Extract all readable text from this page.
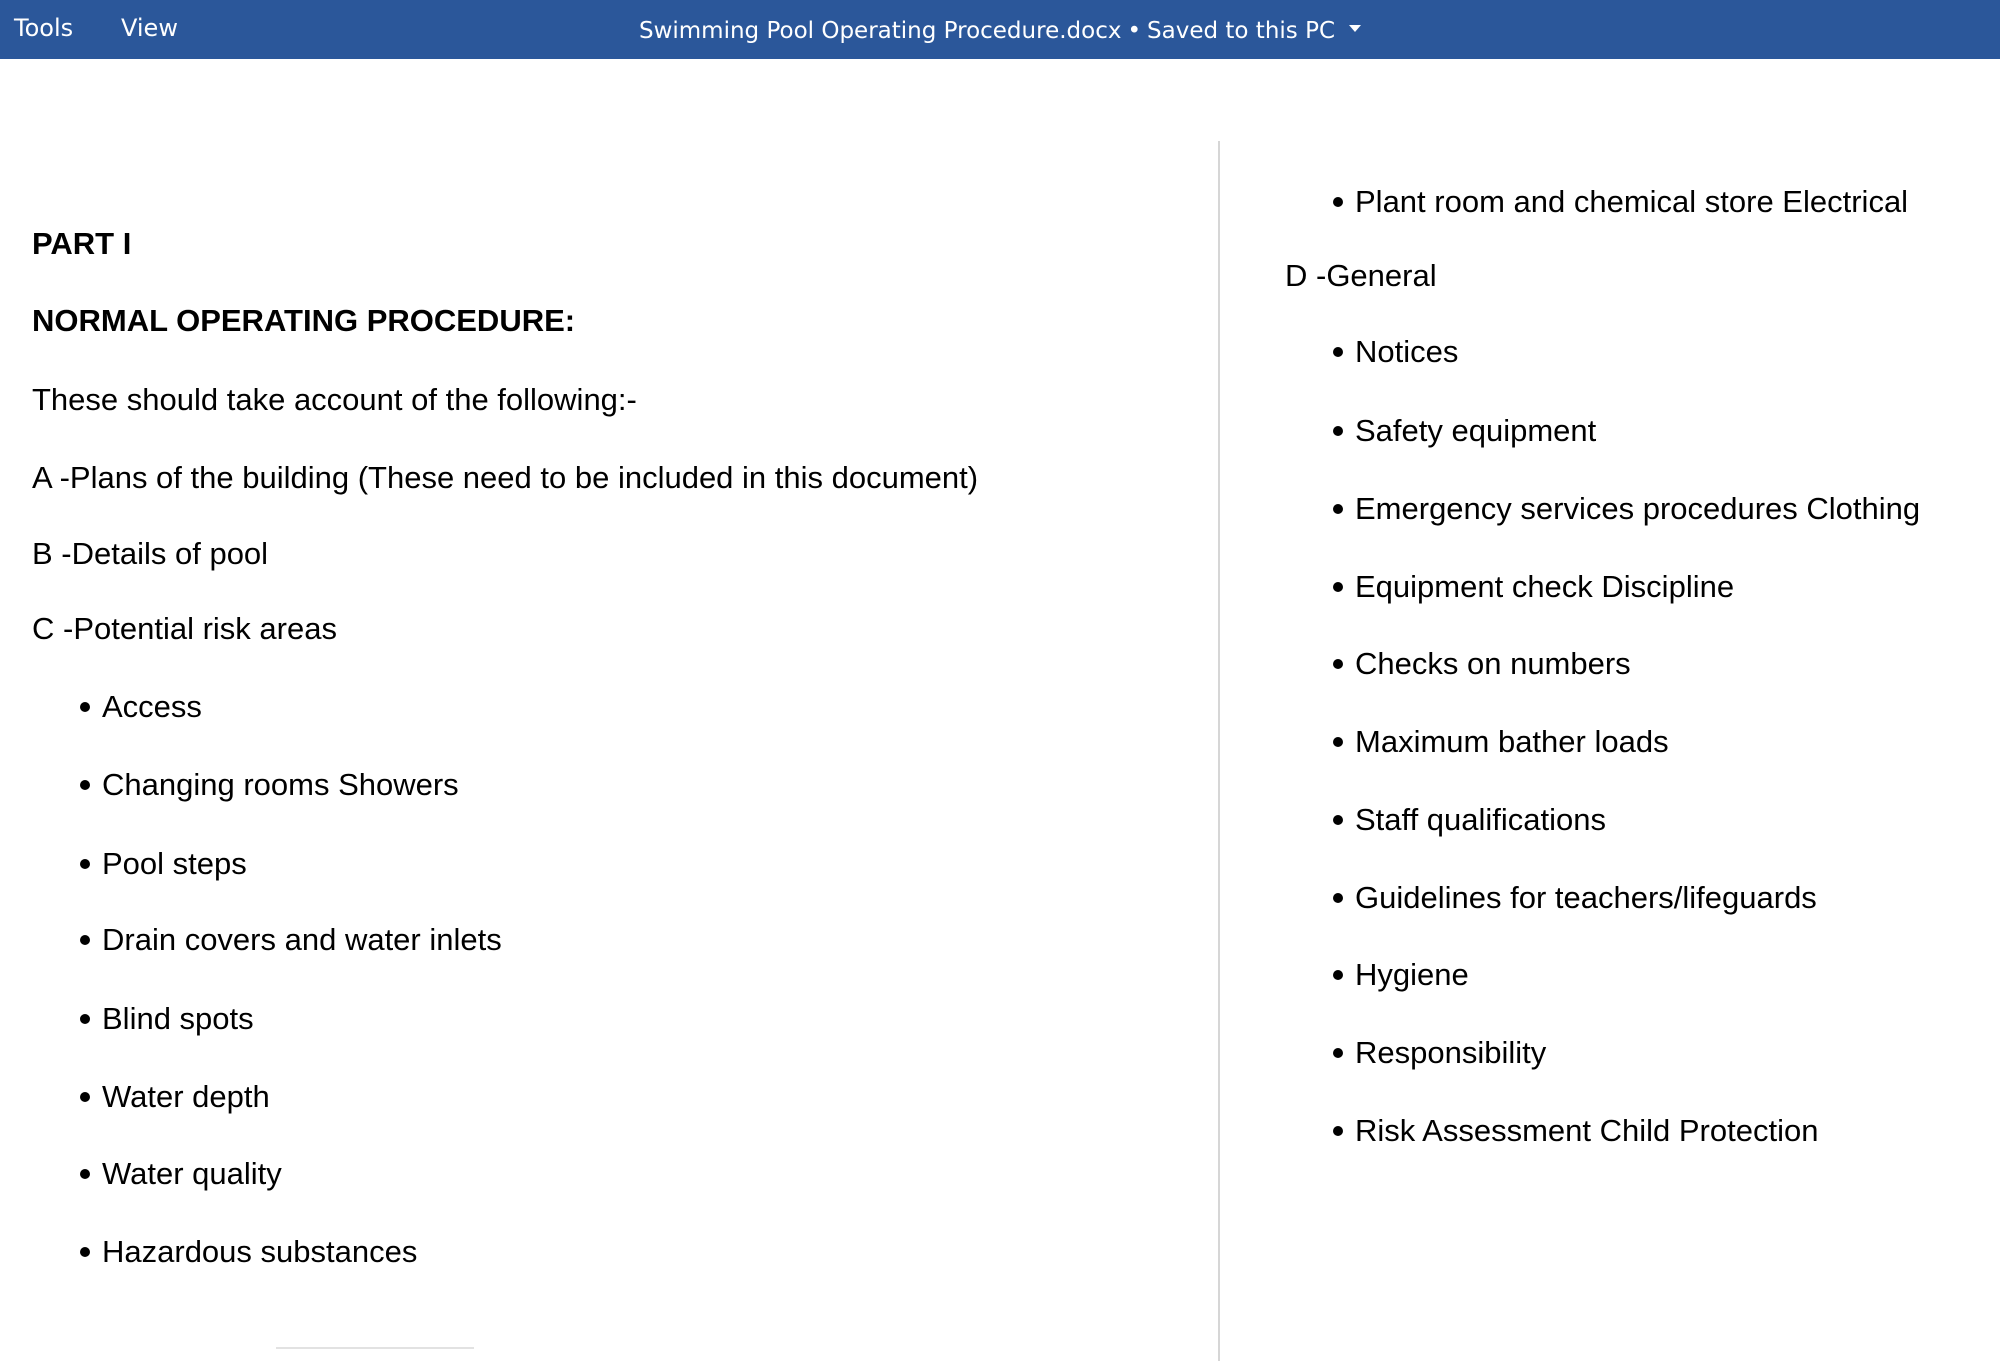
Tools View	Swimming Pool Operating Procedure.docx • Saved to this PC
PART I
NORMAL OPERATING PROCEDURE:
These should take account of the following:-
A -Plans of the building (These need to be included in this document)
B -Details of pool
C -Potential risk areas
Access
Changing rooms Showers
Pool steps
Drain covers and water inlets
Blind spots
Water depth
Water quality
Hazardous substances
Plant room and chemical store Electrical
D -General
Notices
Safety equipment
Emergency services procedures Clothing
Equipment check Discipline
Checks on numbers
Maximum bather loads
Staff qualifications
Guidelines for teachers/lifeguards
Hygiene
Responsibility
Risk Assessment Child Protection
